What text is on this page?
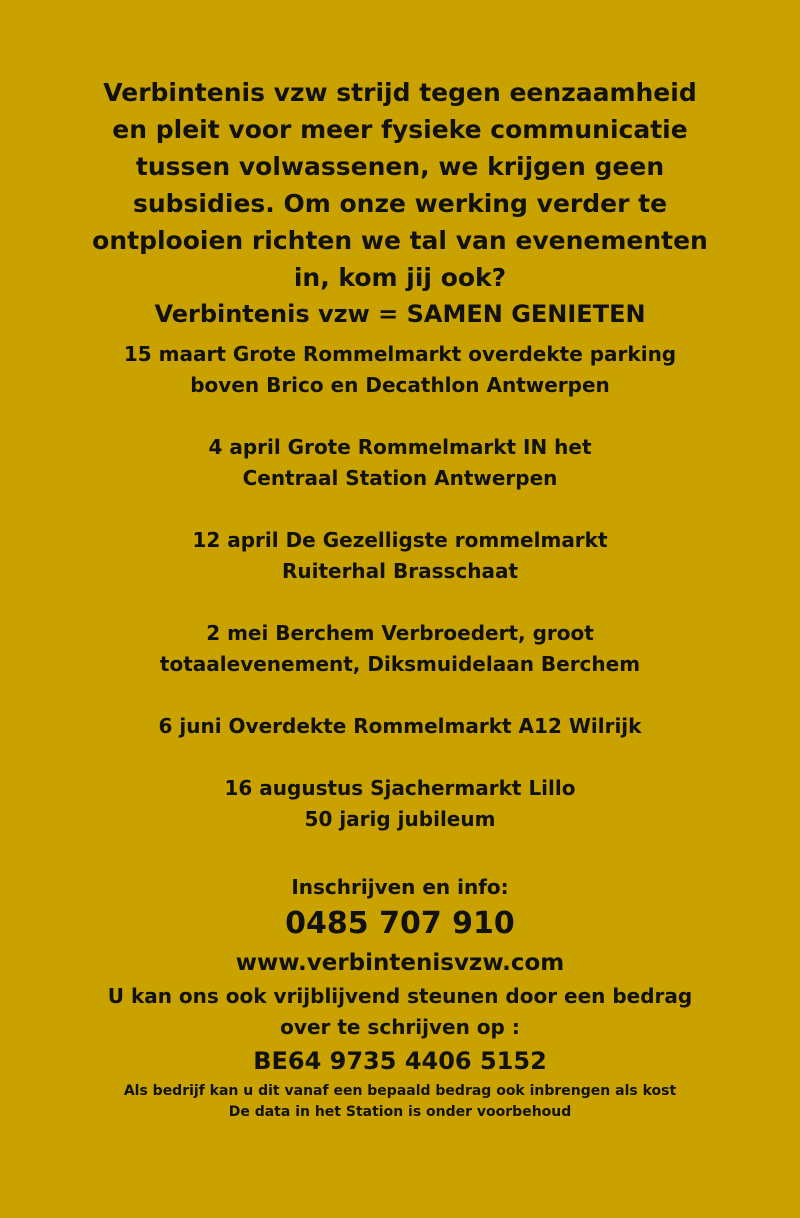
Verbintenis vzw strijd tegen eenzaamheid

en pleit voor meer fysieke communicatie

tussen volwassenen, we krijgen geen

subsidies. Om onze werking verder te

ontplooien richten we tal van evenementen

in, kom jij ook?

Verbintenis vzw = SAMEN GENIETEN

15 maart Grote Rommelmarkt overdekte parking
boven Brico en Decathlon Antwerpen
4 april Grote Rommelmarkt IN het
Centraal Station Antwerpen
12 april De Gezelligste rommelmarkt
Ruiterhal Brasschaat
2 mei Berchem Verbroedert, groot
totaalevenement, Diksmuidelaan Berchem
6 juni Overdekte Rommelmarkt A12 Wilrijk
16 augustus Sjachermarkt Lillo
50 jarig jubileum
Inschrijven en info:
0485 707 910
www.verbintenisvzw.com
U kan ons ook vrijblijvend steunen door een bedrag
over te schrijven op :
BE64 9735 4406 5152
Als bedrijf kan u dit vanaf een bepaald bedrag ook inbrengen als kost
De data in het Station is onder voorbehoud
